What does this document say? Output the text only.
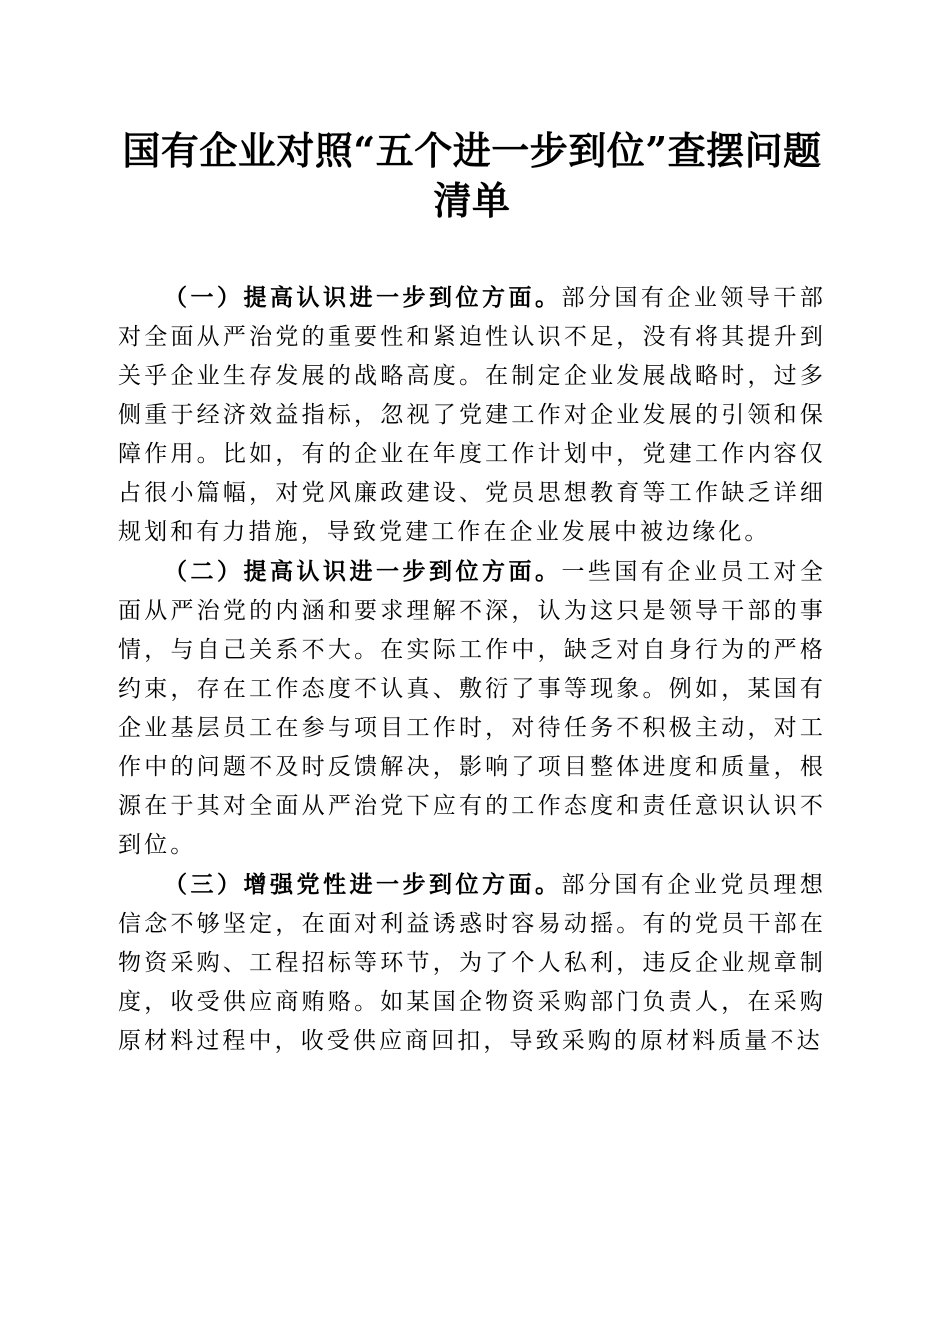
国有企业对照“五个进一步到位”查摆问题清单

（一）提高认识进一步到位方面。部分国有企业领导干部对全面从严治党的重要性和紧迫性认识不足，没有将其提升到关乎企业生存发展的战略高度。在制定企业发展战略时，过多侧重于经济效益指标，忽视了党建工作对企业发展的引领和保障作用。比如，有的企业在年度工作计划中，党建工作内容仅占很小篇幅，对党风廉政建设、党员思想教育等工作缺乏详细规划和有力措施，导致党建工作在企业发展中被边缘化。

（二）提高认识进一步到位方面。一些国有企业员工对全面从严治党的内涵和要求理解不深，认为这只是领导干部的事情，与自己关系不大。在实际工作中，缺乏对自身行为的严格约束，存在工作态度不认真、敷衍了事等现象。例如，某国有企业基层员工在参与项目工作时，对待任务不积极主动，对工作中的问题不及时反馈解决，影响了项目整体进度和质量，根源在于其对全面从严治党下应有的工作态度和责任意识认识不到位。

（三）增强党性进一步到位方面。部分国有企业党员理想信念不够坚定，在面对利益诱惑时容易动摇。有的党员干部在物资采购、工程招标等环节，为了个人私利，违反企业规章制度，收受供应商贿赂。如某国企物资采购部门负责人，在采购原材料过程中，收受供应商回扣，导致采购的原材料质量不达
